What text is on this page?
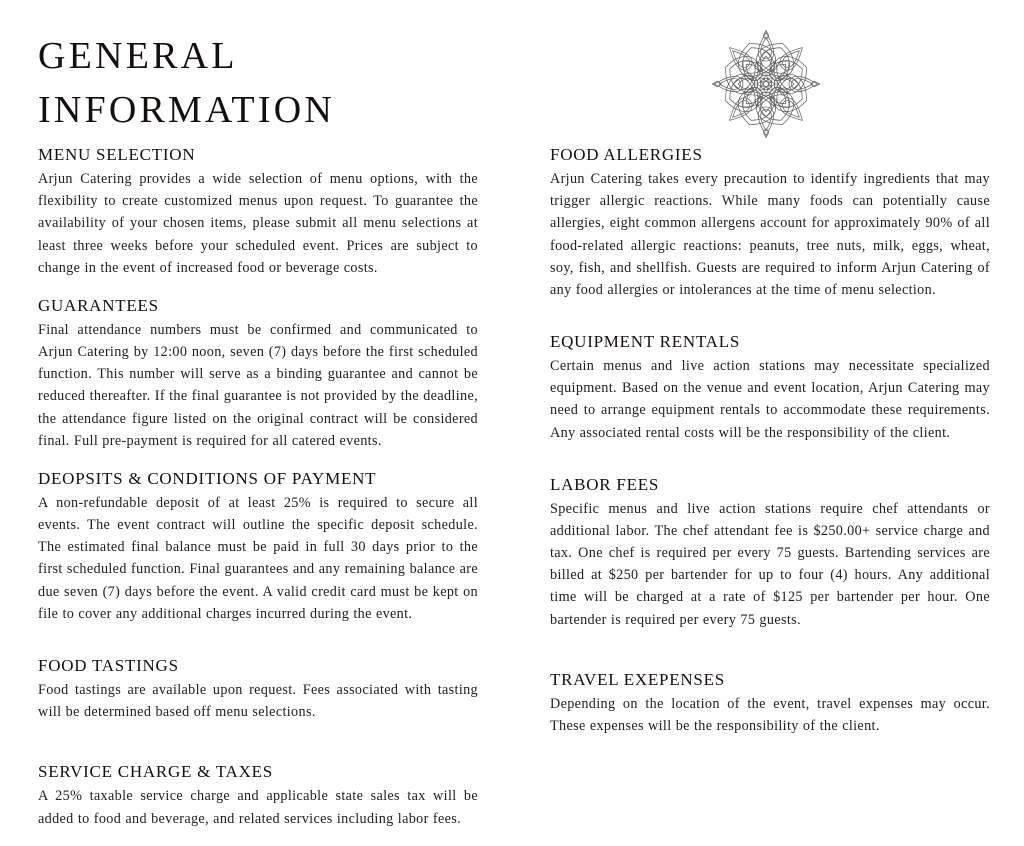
GENERAL
INFORMATION
MENU SELECTION

Arjun Catering provides a wide selection of menu options, with the flexibility to create customized menus upon request. To guarantee the availability of your chosen items, please submit all menu selections at least three weeks before your scheduled event. Prices are subject to change in the event of increased food or beverage costs.

GUARANTEES

Final attendance numbers must be confirmed and communicated to Arjun Catering by 12:00 noon, seven (7) days before the first scheduled function. This number will serve as a binding guarantee and cannot be reduced thereafter. If the final guarantee is not provided by the deadline, the attendance figure listed on the original contract will be considered final. Full pre-payment is required for all catered events.

DEOPSITS & CONDITIONS OF PAYMENT

A non-refundable deposit of at least 25% is required to secure all events. The event contract will outline the specific deposit schedule. The estimated final balance must be paid in full 30 days prior to the first scheduled function. Final guarantees and any remaining balance are due seven (7) days before the event. A valid credit card must be kept on file to cover any additional charges incurred during the event.

FOOD TASTINGS

Food tastings are available upon request. Fees associated with tasting will be determined based off menu selections.

SERVICE CHARGE & TAXES

A 25% taxable service charge and applicable state sales tax will be added to food and beverage, and related services including labor fees.

FOOD ALLERGIES

Arjun Catering takes every precaution to identify ingredients that may trigger allergic reactions. While many foods can potentially cause allergies, eight common allergens account for approximately 90% of all food-related allergic reactions: peanuts, tree nuts, milk, eggs, wheat, soy, fish, and shellfish. Guests are required to inform Arjun Catering of any food allergies or intolerances at the time of menu selection.

EQUIPMENT RENTALS

Certain menus and live action stations may necessitate specialized equipment. Based on the venue and event location, Arjun Catering may need to arrange equipment rentals to accommodate these requirements. Any associated rental costs will be the responsibility of the client.

LABOR FEES

Specific menus and live action stations require chef attendants or additional labor. The chef attendant fee is $250.00+ service charge and tax. One chef is required per every 75 guests. Bartending services are billed at $250 per bartender for up to four (4) hours. Any additional time will be charged at a rate of $125 per bartender per hour. One bartender is required per every 75 guests.

TRAVEL EXEPENSES

Depending on the location of the event, travel expenses may occur. These expenses will be the responsibility of the client.
